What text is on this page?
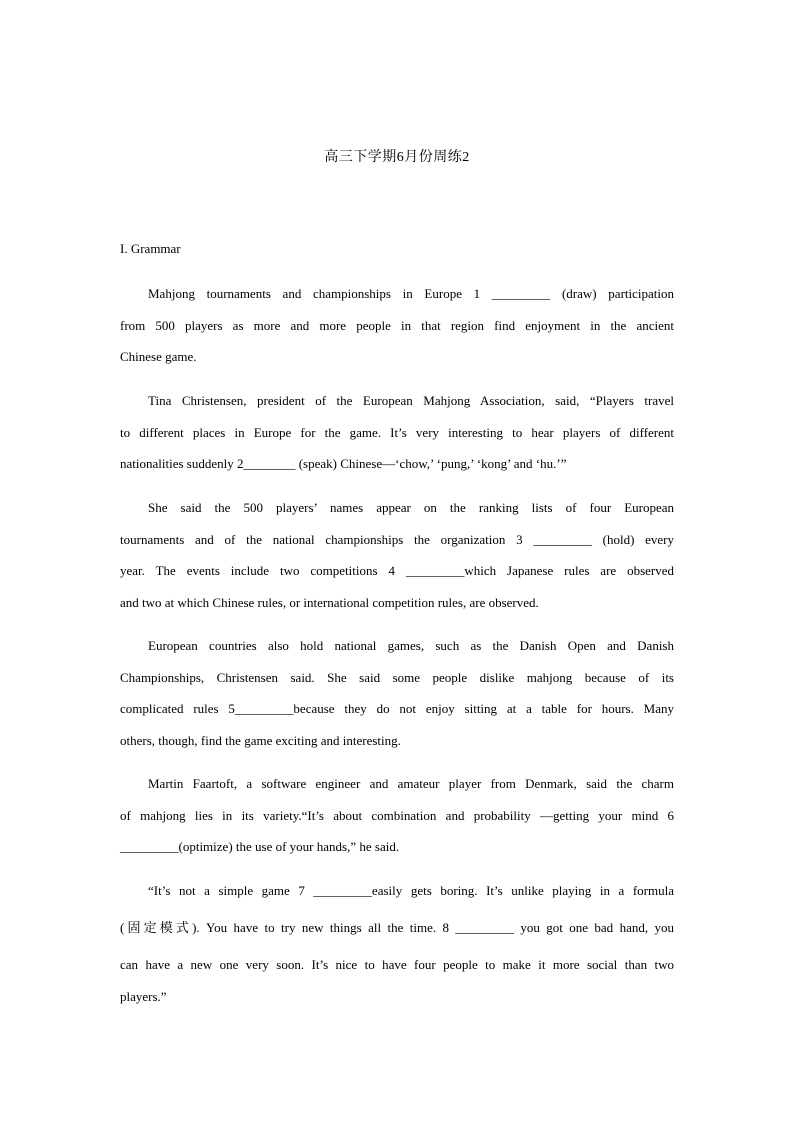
高三下学期6月份周练2
I. Grammar
Mahjong tournaments and championships in Europe 1 _________ (draw) participation
from 500 players as more and more people in that region find enjoyment in the ancient
Chinese game.
Tina Christensen, president of the European Mahjong Association, said, “Players travel
to different places in Europe for the game. It’s very interesting to hear players of different
nationalities suddenly 2________ (speak) Chinese—‘chow,’ ‘pung,’ ‘kong’ and ‘hu.’”
She said the 500 players’ names appear on the ranking lists of four European
tournaments and of the national championships the organization 3 _________ (hold) every
year. The events include two competitions 4 _________which Japanese rules are observed
and two at which Chinese rules, or international competition rules, are observed.
European countries also hold national games, such as the Danish Open and Danish
Championships, Christensen said. She said some people dislike mahjong because of its
complicated rules 5_________because they do not enjoy sitting at a table for hours. Many
others, though, find the game exciting and interesting.
Martin Faartoft, a software engineer and amateur player from Denmark, said the charm
of mahjong lies in its variety.“It’s about combination and probability —getting your mind 6
_________(optimize) the use of your hands,” he said.
“It’s not a simple game 7 _________easily gets boring. It’s unlike playing in a formula
(固定模式). You have to try new things all the time. 8 _________ you got one bad hand, you
can have a new one very soon. It’s nice to have four people to make it more social than two
players.”
